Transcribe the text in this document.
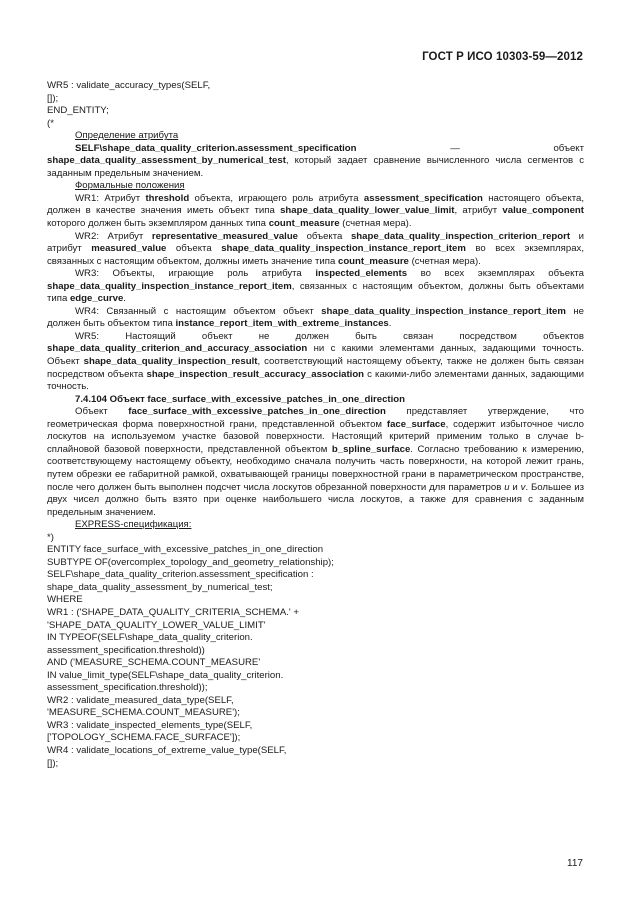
ГОСТ Р ИСО 10303-59—2012

WR5 : validate_accuracy_types(SELF,

[]);

END_ENTITY;

(*

Определение атрибута

SELF\shape_data_quality_criterion.assessment_specification — объект shape_data_quality_assessment_by_numerical_test, который задает сравнение вычисленного числа сегментов с заданным предельным значением.

Формальные положения

WR1: Атрибут threshold объекта, играющего роль атрибута assessment_specification настоящего объекта, должен в качестве значения иметь объект типа shape_data_quality_lower_value_limit, атрибут value_component которого должен быть экземпляром данных типа count_measure (счетная мера).

WR2: Атрибут representative_measured_value объекта shape_data_quality_inspection_criterion_report и атрибут measured_value объекта shape_data_quality_inspection_instance_report_item во всех экземплярах, связанных с настоящим объектом, должны иметь значение типа count_measure (счетная мера).

WR3: Объекты, играющие роль атрибута inspected_elements во всех экземплярах объекта shape_data_quality_inspection_instance_report_item, связанных с настоящим объектом, должны быть объектами типа edge_curve.

WR4: Связанный с настоящим объектом объект shape_data_quality_inspection_instance_report_item не должен быть объектом типа instance_report_item_with_extreme_instances.

WR5: Настоящий объект не должен быть связан посредством объектов shape_data_quality_criterion_and_accuracy_association ни с какими элементами данных, задающими точность. Объект shape_data_quality_inspection_result, соответствующий настоящему объекту, также не должен быть связан посредством объекта shape_inspection_result_accuracy_association с какими-либо элементами данных, задающими точность.

7.4.104 Объект face_surface_with_excessive_patches_in_one_direction

Объект face_surface_with_excessive_patches_in_one_direction представляет утверждение, что геометрическая форма поверхностной грани, представленной объектом face_surface, содержит избыточное число лоскутов на используемом участке базовой поверхности. Настоящий критерий применим только в случае b-сплайновой базовой поверхности, представленной объектом b_spline_surface. Согласно требованию к измерению, соответствующему настоящему объекту, необходимо сначала получить часть поверхности, на которой лежит грань, путем обрезки ее габаритной рамкой, охватывающей границы поверхностной грани в параметрическом пространстве, после чего должен быть выполнен подсчет числа лоскутов обрезанной поверхности для параметров u и v. Большее из двух чисел должно быть взято при оценке наибольшего числа лоскутов, а также для сравнения с заданным предельным значением.

EXPRESS-спецификация:

*)

ENTITY face_surface_with_excessive_patches_in_one_direction

SUBTYPE OF(overcomplex_topology_and_geometry_relationship);

SELF\shape_data_quality_criterion.assessment_specification :

shape_data_quality_assessment_by_numerical_test;

WHERE

WR1 : ('SHAPE_DATA_QUALITY_CRITERIA_SCHEMA.' +

'SHAPE_DATA_QUALITY_LOWER_VALUE_LIMIT'

IN TYPEOF(SELF\shape_data_quality_criterion.

assessment_specification.threshold))

AND ('MEASURE_SCHEMA.COUNT_MEASURE'

IN value_limit_type(SELF\shape_data_quality_criterion.

assessment_specification.threshold));

WR2 : validate_measured_data_type(SELF,

'MEASURE_SCHEMA.COUNT_MEASURE');

WR3 : validate_inspected_elements_type(SELF,

['TOPOLOGY_SCHEMA.FACE_SURFACE']);

WR4 : validate_locations_of_extreme_value_type(SELF,

[]);

117
